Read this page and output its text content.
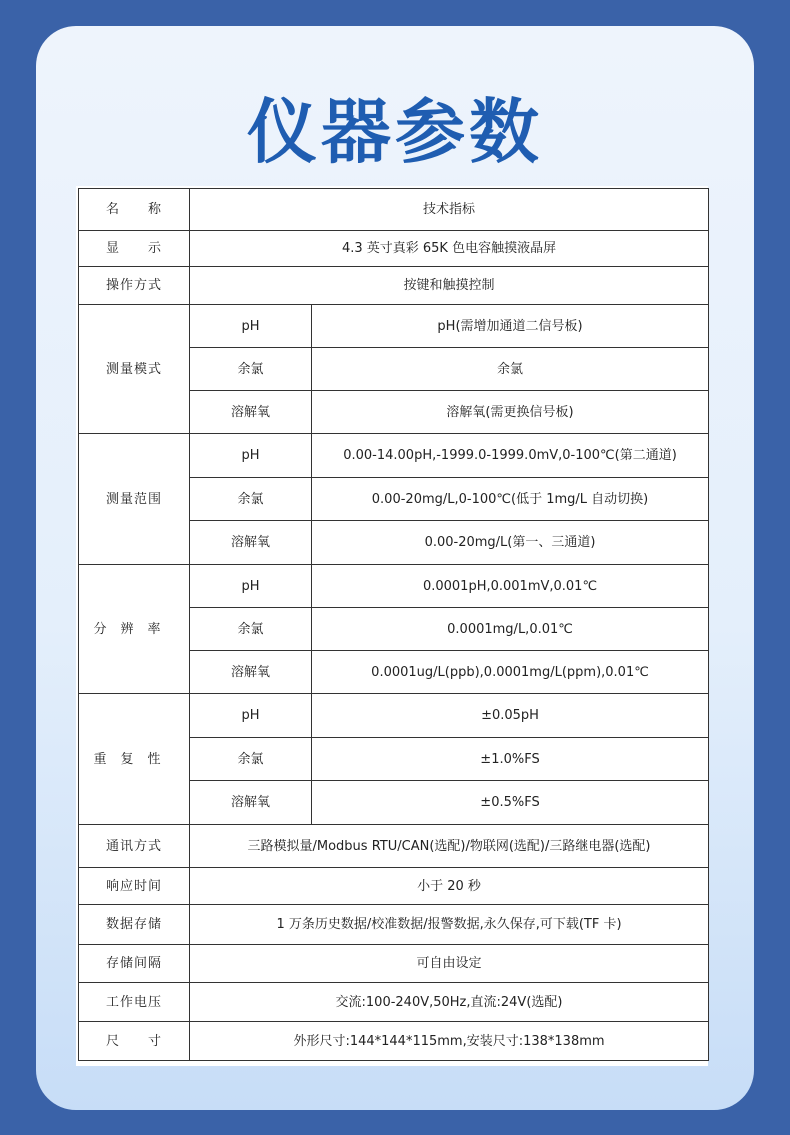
仪器参数
名　　称	技术指标	
显　　示	4.3 英寸真彩 65K 色电容触摸液晶屏	
操作方式	按键和触摸控制	
测量模式	pH	pH(需增加通道二信号板)
	余氯	余氯
	溶解氧	溶解氧(需更换信号板)
测量范围	pH	0.00-14.00pH,-1999.0-1999.0mV,0-100℃(第二通道)
	余氯	0.00-20mg/L,0-100℃(低于 1mg/L 自动切换)
	溶解氧	0.00-20mg/L(第一、三通道)
分辨率	pH	0.0001pH,0.001mV,0.01℃
	余氯	0.0001mg/L,0.01℃
	溶解氧	0.0001ug/L(ppb),0.0001mg/L(ppm),0.01℃
重复性	pH	±0.05pH
	余氯	±1.0%FS
	溶解氧	±0.5%FS
通讯方式	三路模拟量/Modbus RTU/CAN(选配)/物联网(选配)/三路继电器(选配)	
响应时间	小于 20 秒	
数据存储	1 万条历史数据/校准数据/报警数据,永久保存,可下载(TF 卡)	
存储间隔	可自由设定	
工作电压	交流:100-240V,50Hz,直流:24V(选配)	
尺　　寸	外形尺寸:144*144*115mm,安装尺寸:138*138mm	
